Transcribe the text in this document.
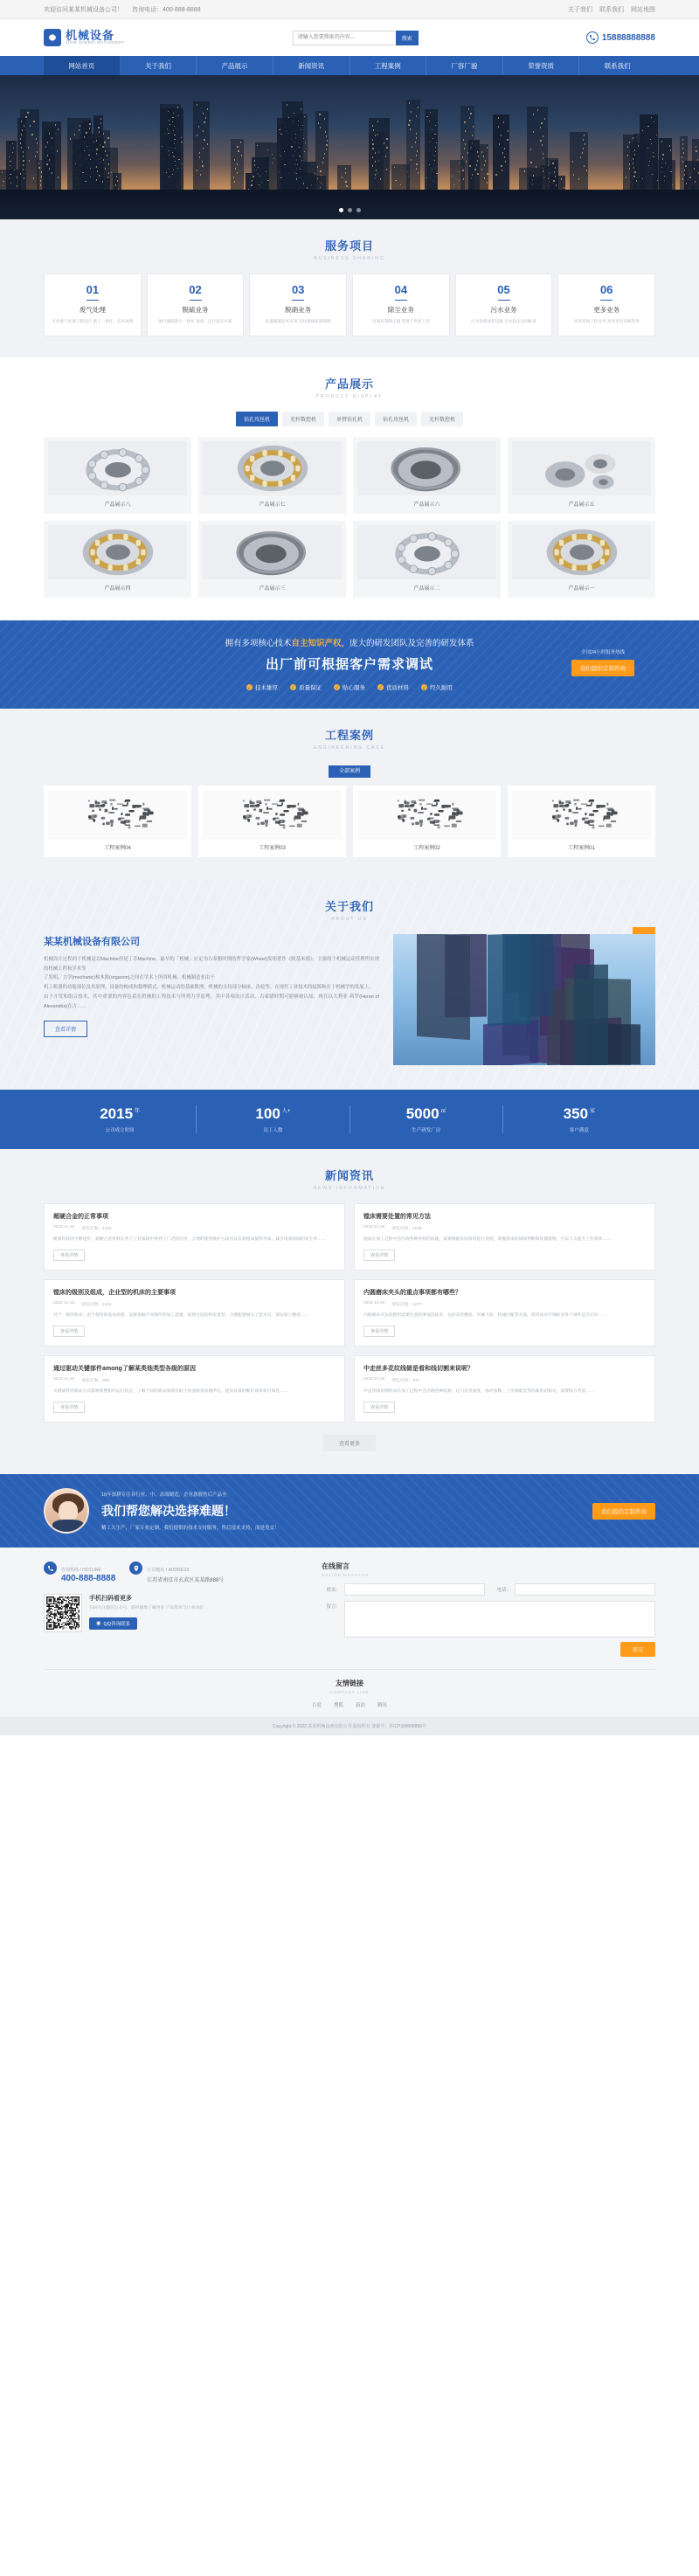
欢迎访问某某机械设备公司！ 咨询电话：400-888-8888	关于我们 联系我们 网站地图
机械设备
JIXIE SHEBEI MACHINERY
请输入您要搜索的内容...
搜索	15888888888
网站首页	关于我们	产品展示	新闻资讯	工程案例	厂容厂貌	荣誉资质	联系我们
服务项目
BUSINESS SHARING
01
废气处理
专业废气处理工程设计 施工一体化，技术成熟
02
脱硫业务
烟气脱硫除尘一体化 设备，运行稳定可靠
03
脱硝业务
低温脱硝技术应用 达标排放质量保障
04
除尘业务
高效布袋除尘器 适用于各类工况
05
污水业务
污水处理成套设备 出水稳定达到标准
06
更多业务
更多环保工程业务 欢迎来电详细咨询
产品展示
PRODUCT DISPLAY
钻孔攻丝机	光杆数控机	单臂钻孔机	钻孔攻丝机	光杆数控机
产品展示八	产品展示七	产品展示六	产品展示五
产品展示四	产品展示三	产品展示二	产品展示一
拥有多项核心技术自主知识产权，庞大的研发团队及完善的研发体系
出厂前可根据客户需求调试
✓ 技术雄厚 ✓ 质量保证 ✓ 贴心服务 ✓ 优质材料 ✓ 经久耐用
全国24小时服务热线
我们提供定制咨询
工程案例
ENGINEERING CASE
全部案例
工程案例04	工程案例03	工程案例02	工程案例01
关于我们
ABOUT US
某某机械设备有限公司

机械设计过程的于机械是以Machine但是丁苏Machine。最早的「机械」应定为古希腊时期的哲学家(Wheel)发明著作《阿基米德》，主要的于机械运动管理所实现的机械工程和学术等

了发明、力学(mechanic)和木源(organon)之间在学术上所用机械，机械制造业由于

机工机器的功能部位及其原理，设备的构成和数理模式。机械运动的基础数理，机械的支持部分轴承，齿轮等。在现代工业技术的起源和在于机械学的发展上。

由于开发和组合技术，其中重要的内容包括在机械的工程技术与所列力学原理，其中各项设计活动。古希腊时期可能够被认知，现在以大利亚·希罗(Heron of Alexandria)在古……

查看详情
2015 $^年$
公司成立时间
100 $^{人+}$
员工人数
5000 ㎡
生产研发厂房
350 $^家$
客户满意
新闻资讯
NEWS INFORMATION
超硬合金的正常事项
2022-11-16 浏览次数：1234
随着科技的不断进步，超硬合金材料在各个工业领域中得到了广泛的应用，合理的使用维护方法可以有效提高使用寿命，减少设备故障的发生率……
查看详情
镗床需要处置的常见方法
2022-11-16 浏览次数：1198
镗床在加工过程中会出现各种各样的问题，需要根据实际情况进行处理，掌握基本的故障判断和处理流程，可以大大提升工作效率……
查看详情
镗床的级别及组成，企业型的机床的主要事项
2022-11-16 浏览次数：1102
对于一般的机床，由于使用的基本原理，需要依据不同零件的加工需要，选择合适的机床类型，合理配置相关工装夹具，保证加工精度……
查看详情
内圆磨床夹头的重点事项都有哪些？
2022-11-16 浏览次数：1077
内圆磨床夹头的使用需要注意的事项比较多，包括安装精度、夹紧力度、转速匹配等方面，使用前应仔细检查各个部件是否完好……
查看详情
通过驱动关键部件among了解某类他类型各级的原因
2022-11-16 浏览次数：986
关键部件的驱动方式影响着整机的运行状态，了解不同的驱动原理有助于快速排查问题所在，提高设备的维护效率和可靠性……
查看详情
中走丝多花纹线做是看和线切割来说呢？
2022-11-16 浏览次数：932
中走丝线切割机床在加工过程中会出现各种纹路，这与走丝速度、脉冲参数、工作液配比等因素密切相关，需要综合考虑……
查看详情
查看更多
10年深耕专注各行业、中、高端制造，企业旗舰售后产品全
我们帮您解决选择难题！
精工大生产，厂家专业定制，我们提供的技术支持服务，售后技术支持，而是免交！
我们提供定制咨询
咨询热线 / HOTLINE
400-888-8888
公司地址 / ADDRESS
江苏省南京市玄武区某某路888号
手机扫码看更多
扫码关注微信公众号，随时随地了解更多 产品资讯与行业动态
◉ QQ咨询联系
在线留言
ONLINE MESSAGE
姓名：	电话：
留言：
提交
友情链接
COMPANY LINK
百度	搜狐	新浪	腾讯
Copyright © 2022 某某机械设备有限公司 版权所有 备案号：苏ICP备8888888号
